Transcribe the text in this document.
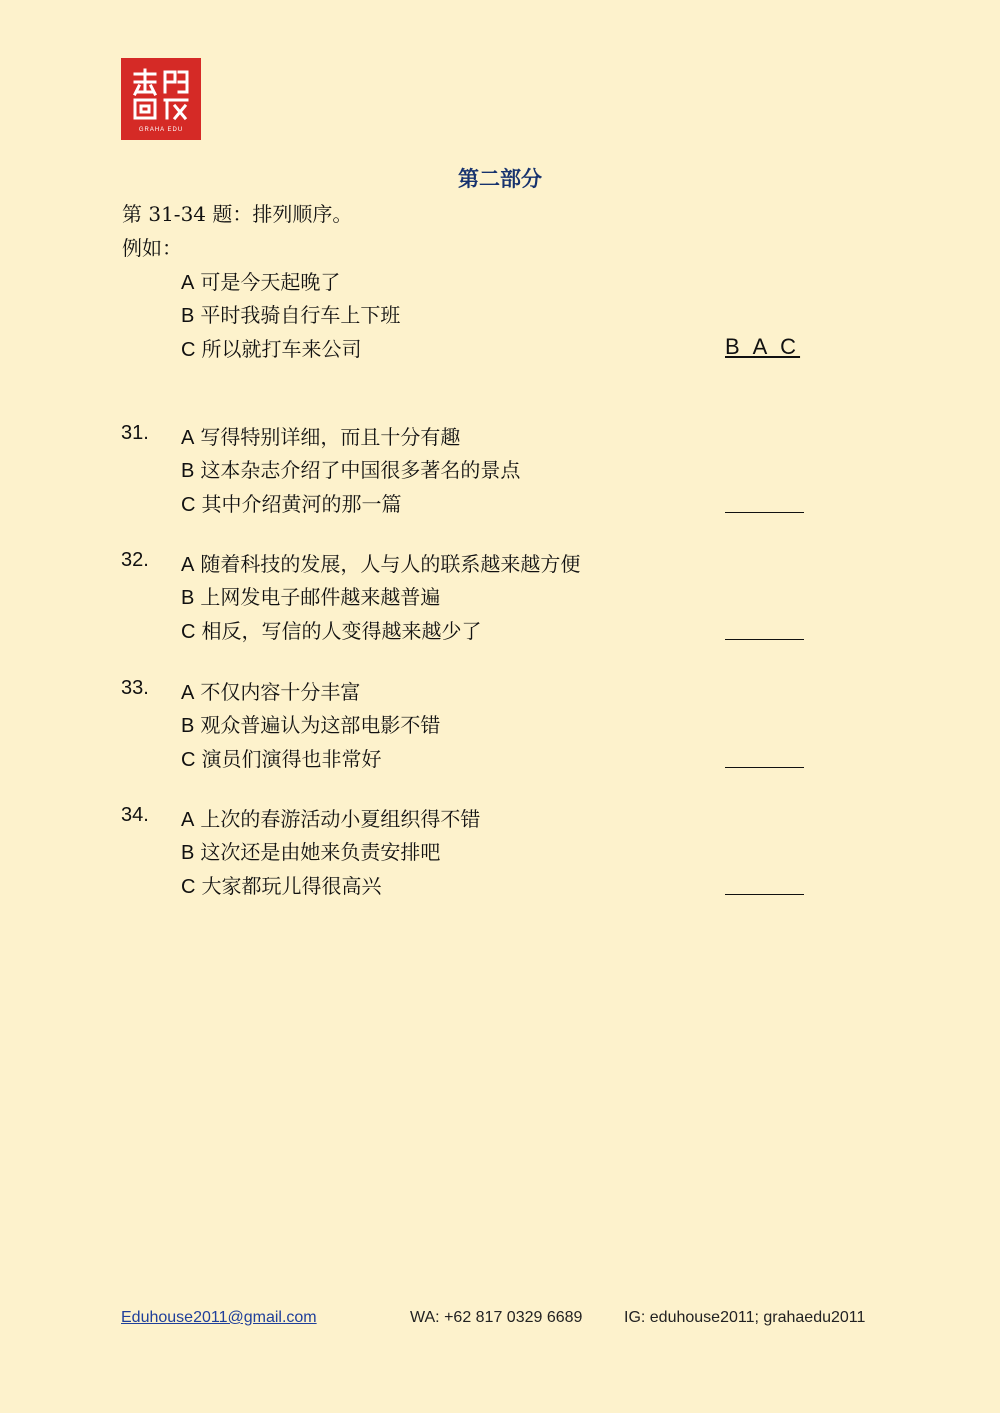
GRAHA EDU
第二部分
第 31-34 题：排列顺序。
例如：
A 可是今天起晚了
B 平时我骑自行车上下班
C 所以就打车来公司	B A C
31. A 写得特别详细，而且十分有趣
B 这本杂志介绍了中国很多著名的景点
C 其中介绍黄河的那一篇
32. A 随着科技的发展，人与人的联系越来越方便
B 上网发电子邮件越来越普遍
C 相反，写信的人变得越来越少了
33. A 不仅内容十分丰富
B 观众普遍认为这部电影不错
C 演员们演得也非常好
34. A 上次的春游活动小夏组织得不错
B 这次还是由她来负责安排吧
C 大家都玩儿得很高兴
Eduhouse2011@gmail.com	WA: +62 817 0329 6689	IG: eduhouse2011; grahaedu2011
